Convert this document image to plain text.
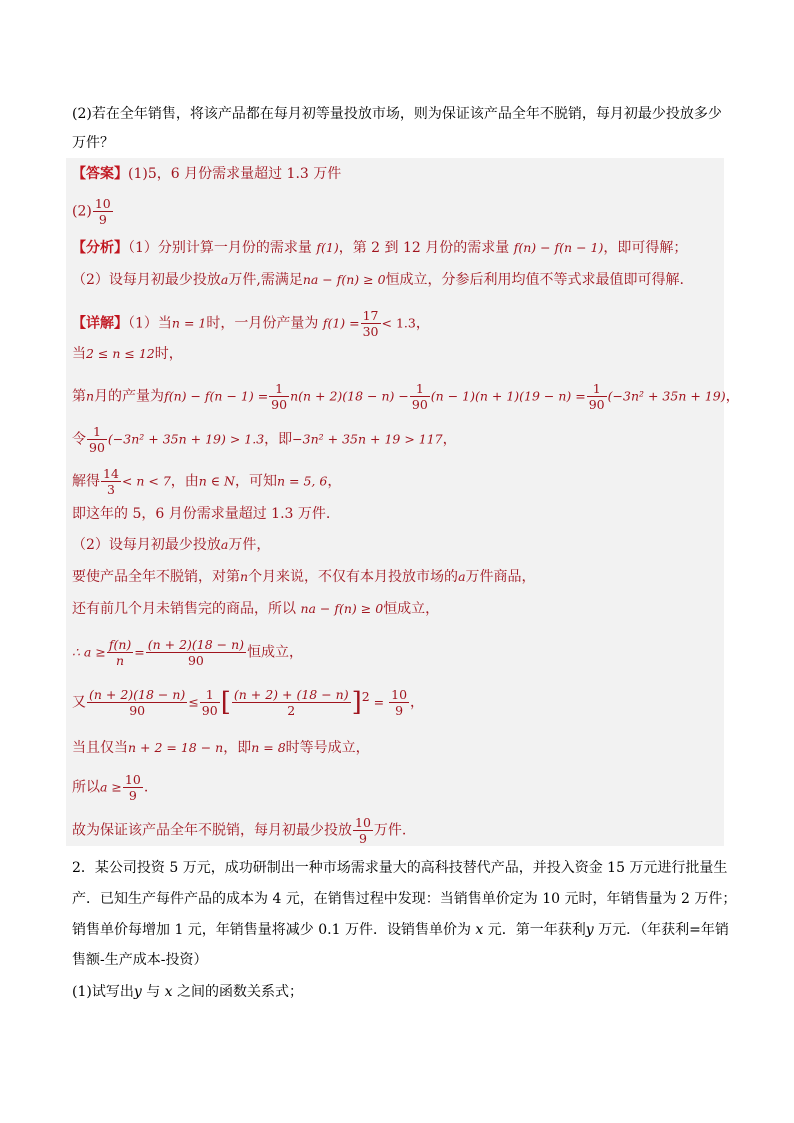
(2)若在全年销售，将该产品都在每月初等量投放市场，则为保证该产品全年不脱销，每月初最少投放多少
万件？
【答案】(1)5，6 月份需求量超过 1.3 万件
$(2) \frac{10}{9}$
【分析】（1）分别计算一月份的需求量 f(1)，第 2 到 12 月份的需求量 f(n) − f(n − 1)，即可得解；
（2）设每月初最少投放a万件,需满足na − f(n) ≥ 0恒成立，分参后利用均值不等式求最值即可得解.
【详解】（1）当n = 1时，一月份产量为 $f(1) = \frac{17}{30} < 1.3$，
当2 ≤ n ≤ 12时，
第n月的产量为$f(n) - f(n - 1) = \frac{1}{90} n(n + 2)(18 - n) - \frac{1}{90} (n - 1)(n + 1)(19 - n) = \frac{1}{90} (-3n^2 + 35n + 19)$，
令 $\frac{1}{90} (-3n^2 + 35n + 19) > 1.3$，即−3n² + 35n + 19 > 117，
解得 $\frac{14}{3} < n < 7$，由n ∈ N，可知n = 5, 6，
即这年的 5，6 月份需求量超过 1.3 万件.
（2）设每月初最少投放a万件，
要使产品全年不脱销，对第n个月来说，不仅有本月投放市场的a万件商品，
还有前几个月未销售完的商品，所以 na − f(n) ≥ 0恒成立，
∴ $a \ge \frac{f(n)}{n} = \frac{(n + 2)(18 - n)}{90}$ 恒成立，
又 $\frac{(n + 2)(18 - n)}{90} \le \frac{1}{90}$ [ $\frac{(n + 2) + (18 - n)}{2} ]^2 = \frac{10}{9}$ ，
当且仅当n + 2 = 18 − n，即n = 8时等号成立，
所以$a \ge \frac{10}{9}$ .
故为保证该产品全年不脱销，每月初最少投放 $\frac{10}{9}$ 万件.
2．某公司投资 5 万元，成功研制出一种市场需求量大的高科技替代产品，并投入资金 15 万元进行批量生
产．已知生产每件产品的成本为 4 元，在销售过程中发现：当销售单价定为 10 元时，年销售量为 2 万件；
销售单价每增加 1 元，年销售量将减少 0.1 万件．设销售单价为 x 元．第一年获利y 万元．（年获利=年销
售额-生产成本-投资）
(1)试写出y 与 x 之间的函数关系式；
